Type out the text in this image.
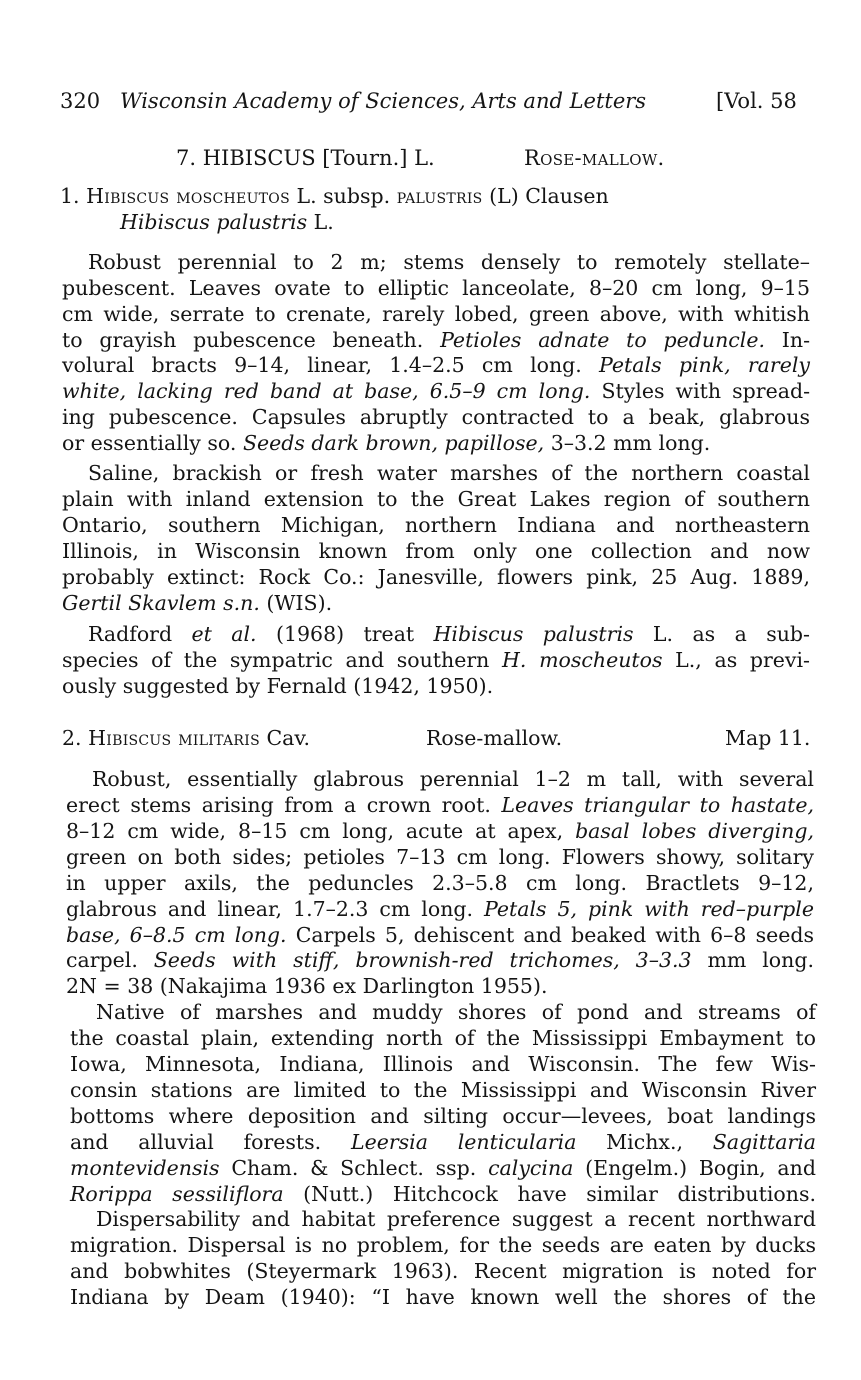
320 Wisconsin Academy of Sciences, Arts and Letters	[Vol. 58
7. HIBISCUS [Tourn.] L.	Rose-mallow.
1. Hibiscus moscheutos L. subsp. palustris (L) Clausen
Hibiscus palustris L.
Robust perennial to 2 m; stems densely to remotely stellate–
pubescent. Leaves ovate to elliptic lanceolate, 8–20 cm long, 9–15
cm wide, serrate to crenate, rarely lobed, green above, with whitish
to grayish pubescence beneath. Petioles adnate to peduncle. In-
volural bracts 9–14, linear, 1.4–2.5 cm long. Petals pink, rarely
white, lacking red band at base, 6.5–9 cm long. Styles with spread-
ing pubescence. Capsules abruptly contracted to a beak, glabrous
or essentially so. Seeds dark brown, papillose, 3–3.2 mm long.
Saline, brackish or fresh water marshes of the northern coastal
plain with inland extension to the Great Lakes region of southern
Ontario, southern Michigan, northern Indiana and northeastern
Illinois, in Wisconsin known from only one collection and now
probably extinct: Rock Co.: Janesville, flowers pink, 25 Aug. 1889,
Gertil Skavlem s.n. (WIS).
Radford et al. (1968) treat Hibiscus palustris L. as a sub-
species of the sympatric and southern H. moscheutos L., as previ-
ously suggested by Fernald (1942, 1950).
2. Hibiscus militaris Cav.	Rose-mallow.	Map 11.
Robust, essentially glabrous perennial 1–2 m tall, with several
erect stems arising from a crown root. Leaves triangular to hastate,
8–12 cm wide, 8–15 cm long, acute at apex, basal lobes diverging,
green on both sides; petioles 7–13 cm long. Flowers showy, solitary
in upper axils, the peduncles 2.3–5.8 cm long. Bractlets 9–12,
glabrous and linear, 1.7–2.3 cm long. Petals 5, pink with red–purple
base, 6–8.5 cm long. Carpels 5, dehiscent and beaked with 6–8 seeds
carpel. Seeds with stiff, brownish-red trichomes, 3–3.3 mm long.
2N = 38 (Nakajima 1936 ex Darlington 1955).
Native of marshes and muddy shores of pond and streams of
the coastal plain, extending north of the Mississippi Embayment to
Iowa, Minnesota, Indiana, Illinois and Wisconsin. The few Wis-
consin stations are limited to the Mississippi and Wisconsin River
bottoms where deposition and silting occur—levees, boat landings
and alluvial forests. Leersia lenticularia Michx., Sagittaria
montevidensis Cham. & Schlect. ssp. calycina (Engelm.) Bogin, and
Rorippa sessiliflora (Nutt.) Hitchcock have similar distributions.
Dispersability and habitat preference suggest a recent northward
migration. Dispersal is no problem, for the seeds are eaten by ducks
and bobwhites (Steyermark 1963). Recent migration is noted for
Indiana by Deam (1940): “I have known well the shores of the
